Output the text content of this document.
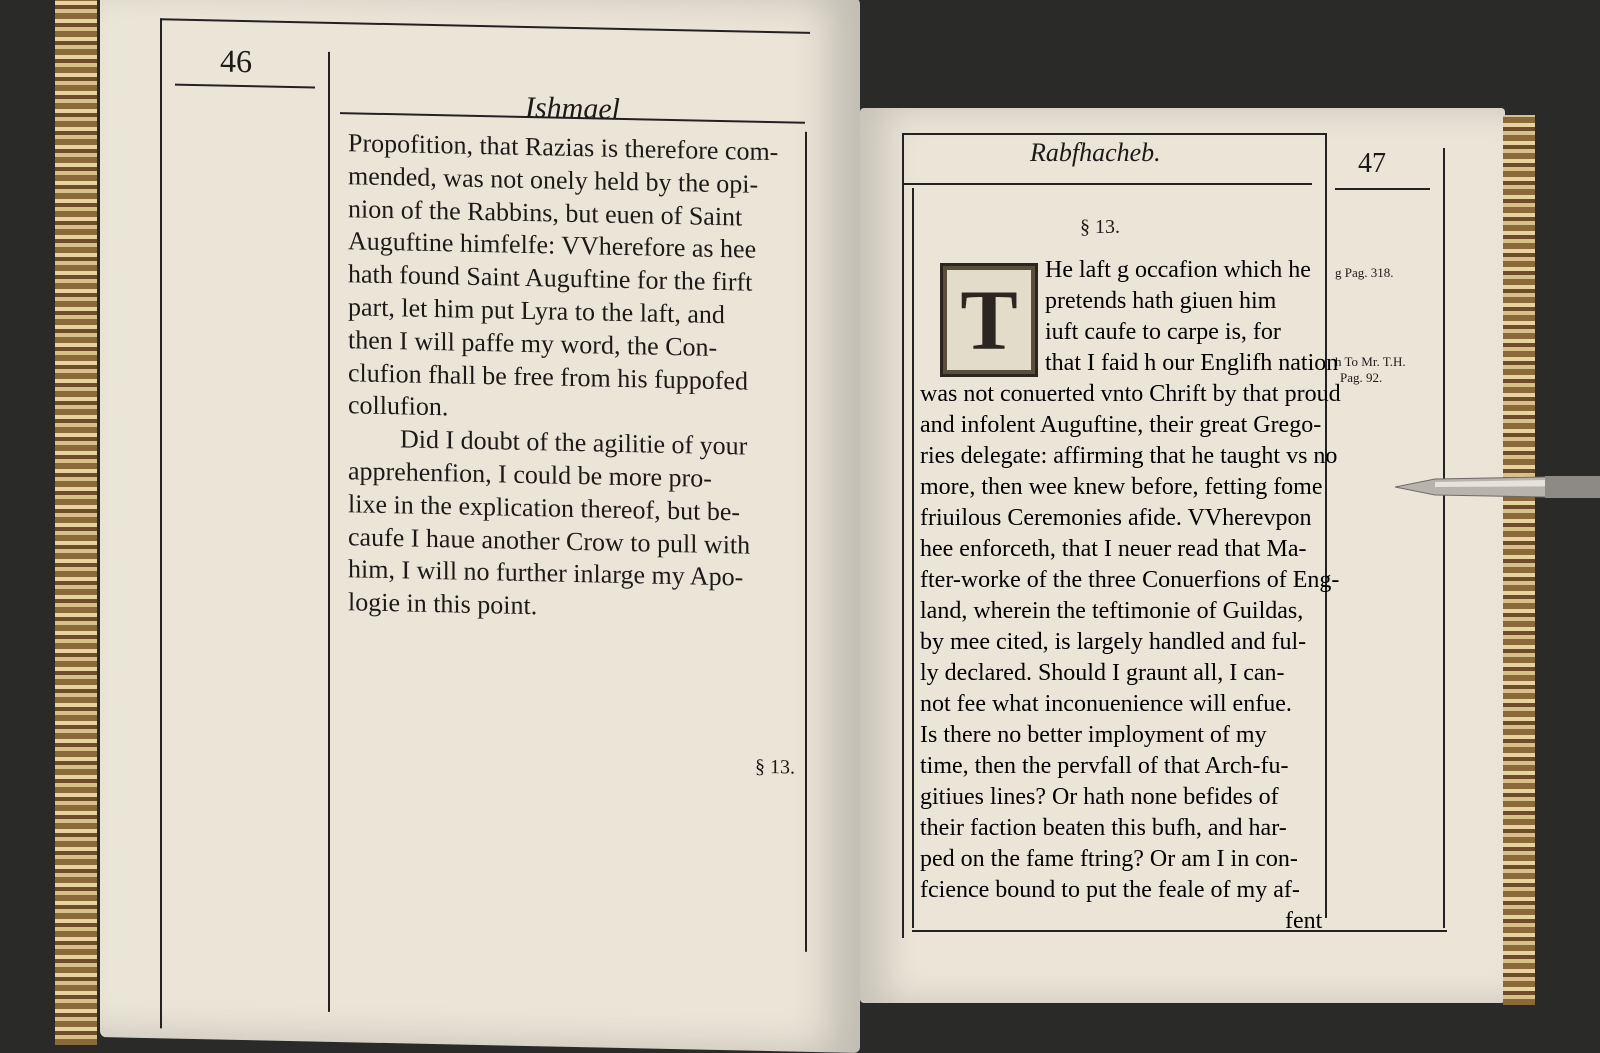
46
Ishmael
Propofition, that Razias is therefore com-
mended, was not onely held by the opi-
nion of the Rabbins, but euen of Saint
Auguftine himfelfe: VVherefore as hee
hath found Saint Auguftine for the firft
part, let him put Lyra to the laft, and
then I will paffe my word, the Con-
clufion fhall be free from his fuppofed
collufion.
Did I doubt of the agilitie of your
apprehenfion, I could be more pro-
lixe in the explication thereof, but be-
caufe I haue another Crow to pull with
him, I will no further inlarge my Apo-
logie in this point.
§ 13.
Rabfhacheb.	47
§ 13.
g Pag. 318.
h To Mr. T.H.
Pag. 92.
T
He laft g occafion which he
pretends hath giuen him
iuft caufe to carpe is, for
that I faid h our Englifh nation
was not conuerted vnto Chrift by that proud
and infolent Auguftine, their great Grego-
ries delegate: affirming that he taught vs no
more, then wee knew before, fetting fome
friuilous Ceremonies afide. VVherevpon
hee enforceth, that I neuer read that Ma-
fter-worke of the three Conuerfions of Eng-
land, wherein the teftimonie of Guildas,
by mee cited, is largely handled and ful-
ly declared. Should I graunt all, I can-
not fee what inconuenience will enfue.
Is there no better imployment of my
time, then the pervfall of that Arch-fu-
gitiues lines? Or hath none befides of
their faction beaten this bufh, and har-
ped on the fame ftring? Or am I in con-
fcience bound to put the feale of my af-
fent
